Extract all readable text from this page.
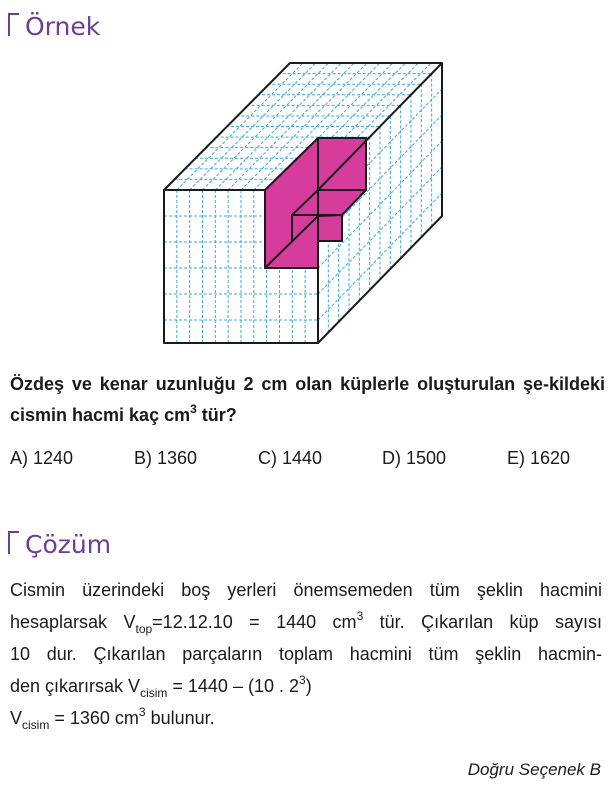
Örnek
Özdeş ve kenar uzunluğu 2 cm olan küplerle oluşturulan şe-kildeki cismin hacmi kaç $cm^3$ tür?
A) 1240	B) 1360	C) 1440	D) 1500	E) 1620
Çözüm
Cismin üzerindeki boş yerleri önemsemeden tüm şeklin hacmini
hesaplarsak $V_{top}=12.12.10 = 1440$ $cm^3$ tür. Çıkarılan küp sayısı
10 dur. Çıkarılan parçaların toplam hacmini tüm şeklin hacmin-
den çıkarırsak $V_{cisim} = 1440 - (10$ . $2^3$)
$V_{cisim} = 1360$ $cm^3$ bulunur.
Doğru Seçenek B
